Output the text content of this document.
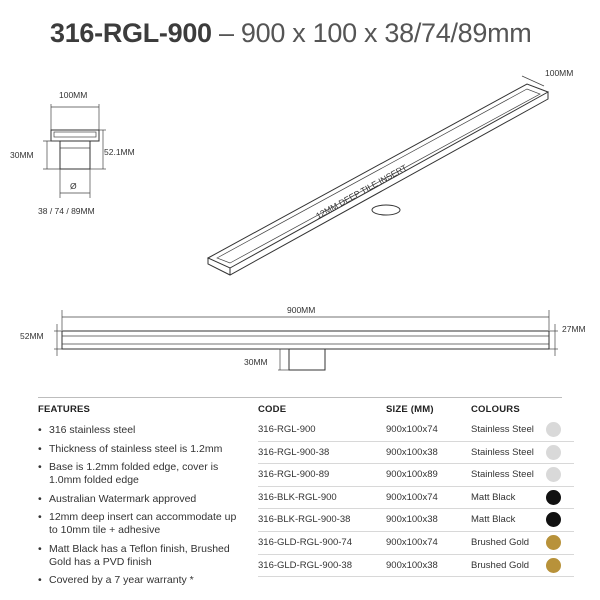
316-RGL-900 – 900 x 100 x 38/74/89mm
100MM
30MM	52.1MM
Ø
38 / 74 / 89MM
100MM
12MM DEEP TILE INSERT
900MM
52MM
27MM
30MM
FEATURES	CODE	SIZE (MM)	COLOURS
• 316 stainless steel
• Thickness of stainless steel is 1.2mm
• Base is 1.2mm folded edge, cover is 1.0mm folded edge
• Australian Watermark approved
• 12mm deep insert can accommodate up to 10mm tile + adhesive
• Matt Black has a Teflon finish, Brushed Gold has a PVD finish
• Covered by a 7 year warranty *
316-RGL-900	900x100x74	Stainless Steel
316-RGL-900-38	900x100x38	Stainless Steel
316-RGL-900-89	900x100x89	Stainless Steel
316-BLK-RGL-900	900x100x74	Matt Black
316-BLK-RGL-900-38	900x100x38	Matt Black
316-GLD-RGL-900-74	900x100x74	Brushed Gold
316-GLD-RGL-900-38	900x100x38	Brushed Gold
